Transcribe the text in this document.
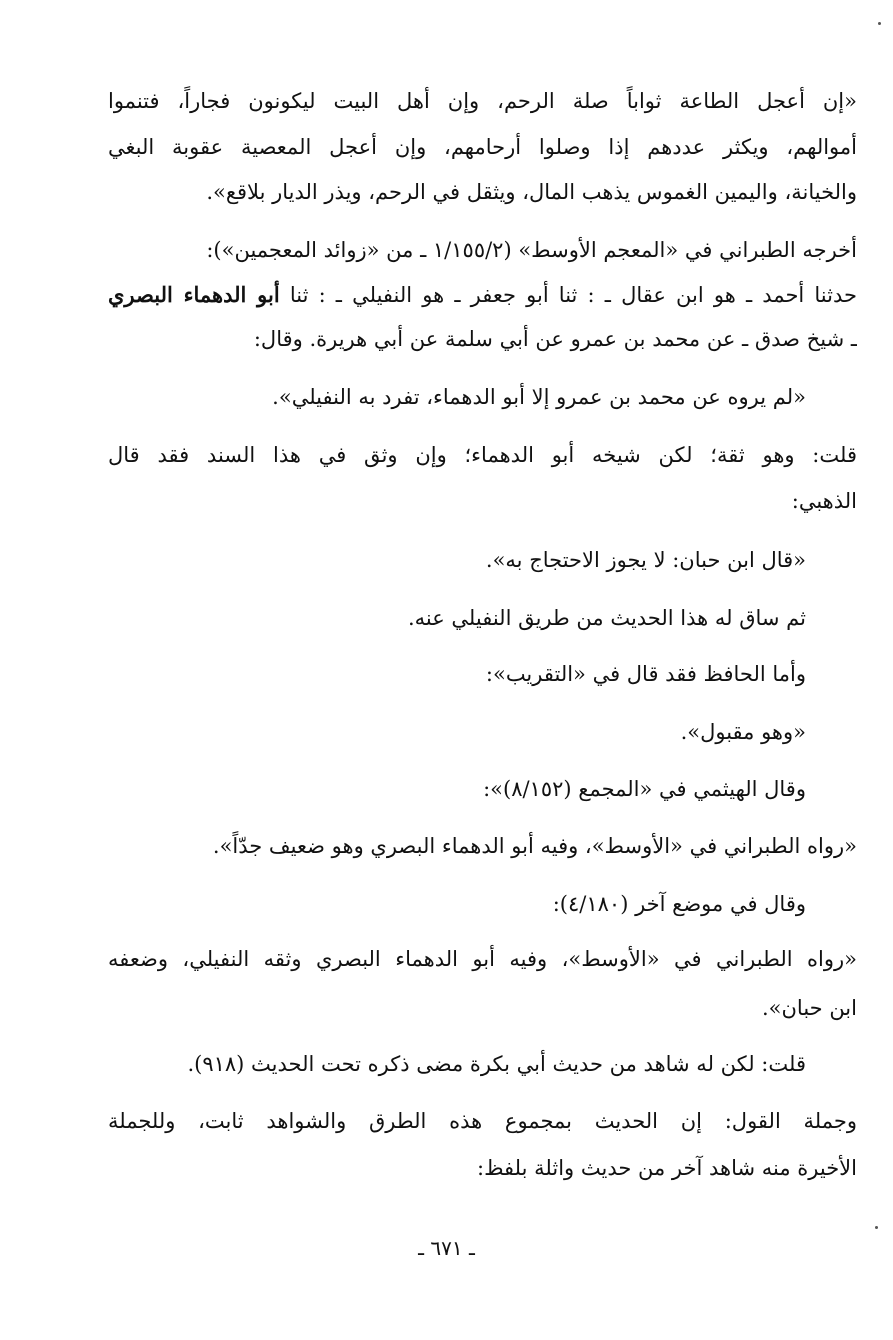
«إن أعجل الطاعة ثواباً صلة الرحم، وإن أهل البيت ليكونون فجاراً، فتنموا
أموالهم، ويكثر عددهم إذا وصلوا أرحامهم، وإن أعجل المعصية عقوبة البغي
والخيانة، واليمين الغموس يذهب المال، ويثقل في الرحم، ويذر الديار بلاقع».
أخرجه الطبراني في «المعجم الأوسط» (١/١٥٥/٢ ـ من «زوائد المعجمين»):
حدثنا أحمد ـ هو ابن عقال ـ : ثنا أبو جعفر ـ هو النفيلي ـ : ثنا أبو الدهماء البصري
ـ شيخ صدق ـ عن محمد بن عمرو عن أبي سلمة عن أبي هريرة. وقال:
«لم يروه عن محمد بن عمرو إلا أبو الدهماء، تفرد به النفيلي».
قلت: وهو ثقة؛ لكن شيخه أبو الدهماء؛ وإن وثق في هذا السند فقد قال
الذهبي:
«قال ابن حبان: لا يجوز الاحتجاج به».
ثم ساق له هذا الحديث من طريق النفيلي عنه.
وأما الحافظ فقد قال في «التقريب»:
«وهو مقبول».
وقال الهيثمي في «المجمع (٨/١٥٢)»:
«رواه الطبراني في «الأوسط»، وفيه أبو الدهماء البصري وهو ضعيف جدّاً».
وقال في موضع آخر (٤/١٨٠):
«رواه الطبراني في «الأوسط»، وفيه أبو الدهماء البصري وثقه النفيلي، وضعفه
ابن حبان».
قلت: لكن له شاهد من حديث أبي بكرة مضى ذكره تحت الحديث (٩١٨).
وجملة القول: إن الحديث بمجموع هذه الطرق والشواهد ثابت، وللجملة
الأخيرة منه شاهد آخر من حديث واثلة بلفظ:
ـ ٦٧١ ـ
